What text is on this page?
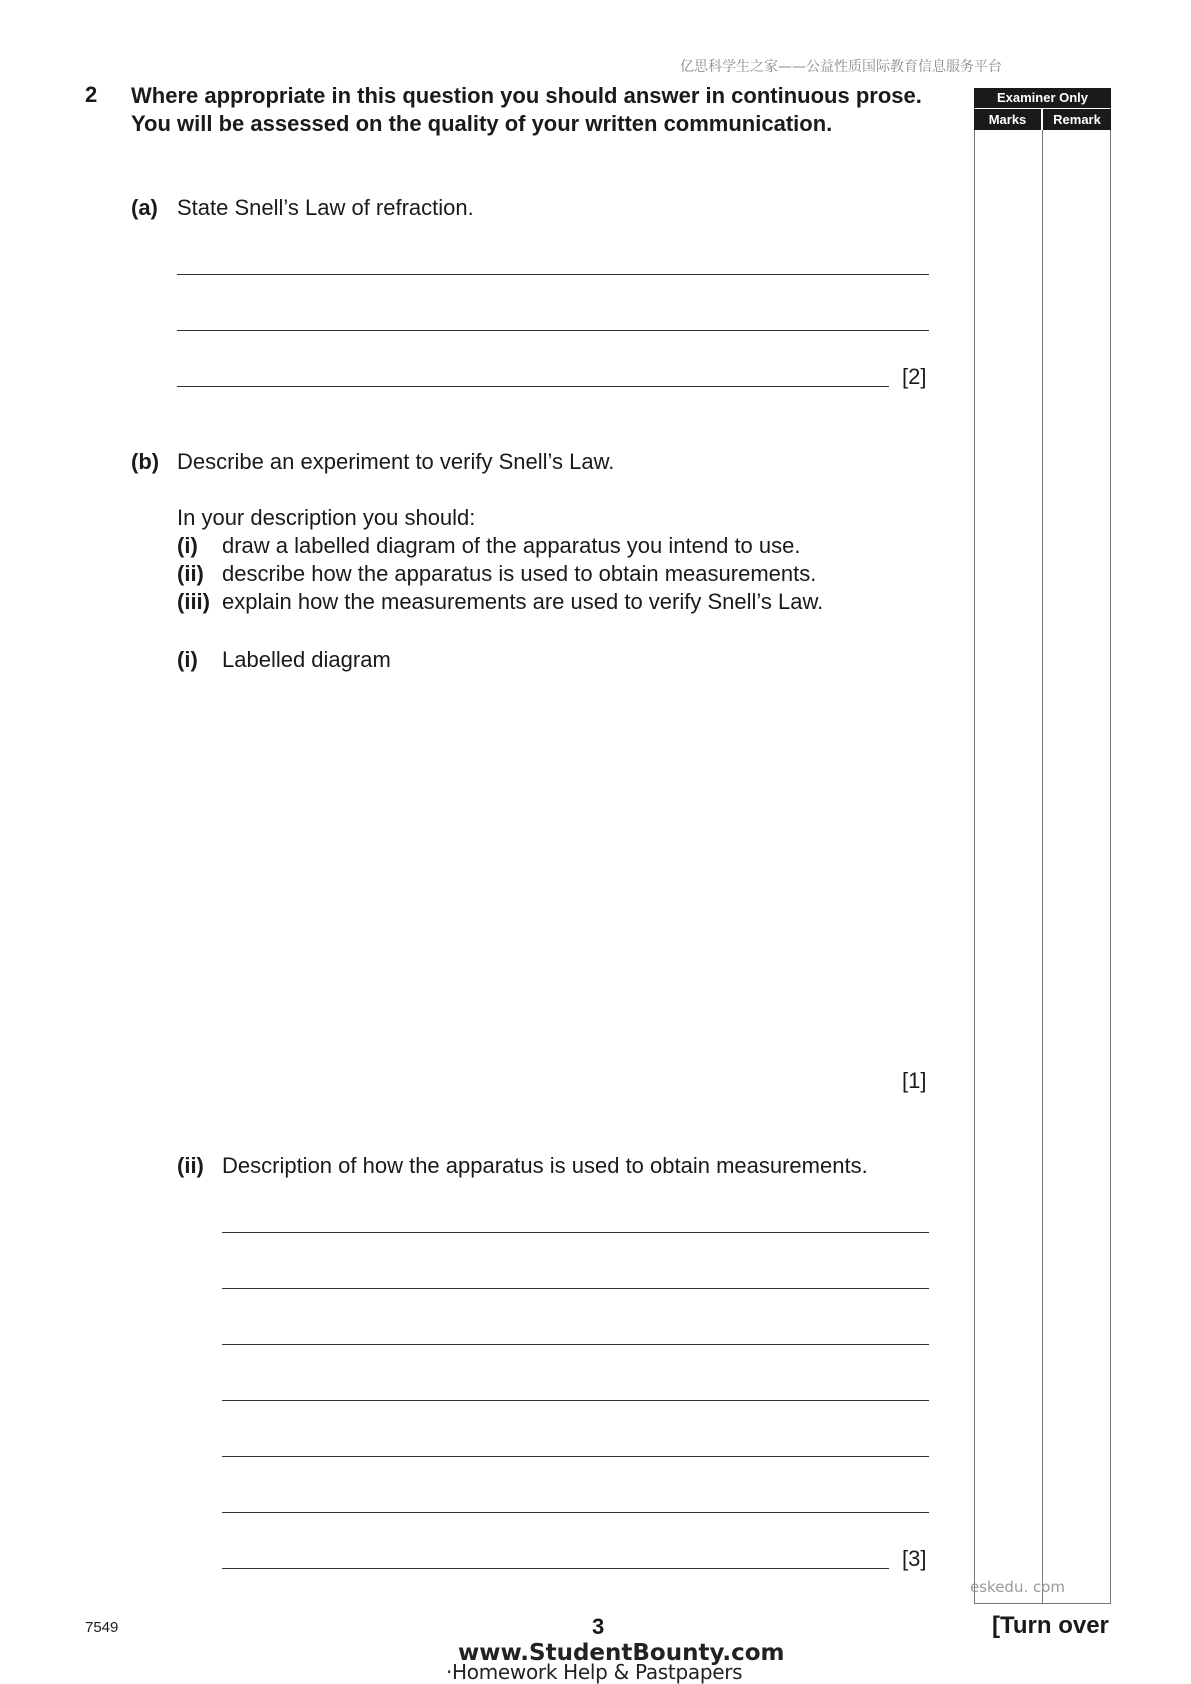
亿思科学生之家——公益性质国际教育信息服务平台
Examiner Only
Marks	Remark
2 Where appropriate in this question you should answer in continuous prose. You will be assessed on the quality of your written communication.
(a) State Snell’s Law of refraction.
[2]
(b) Describe an experiment to verify Snell’s Law.
In your description you should:
(i) draw a labelled diagram of the apparatus you intend to use.
(ii) describe how the apparatus is used to obtain measurements.
(iii) explain how the measurements are used to verify Snell’s Law.
(i) Labelled diagram
[1]
(ii) Description of how the apparatus is used to obtain measurements.
[3]
eskedu. com
7549	3	[Turn over
www.StudentBounty.com
·Homework Help & Pastpapers
